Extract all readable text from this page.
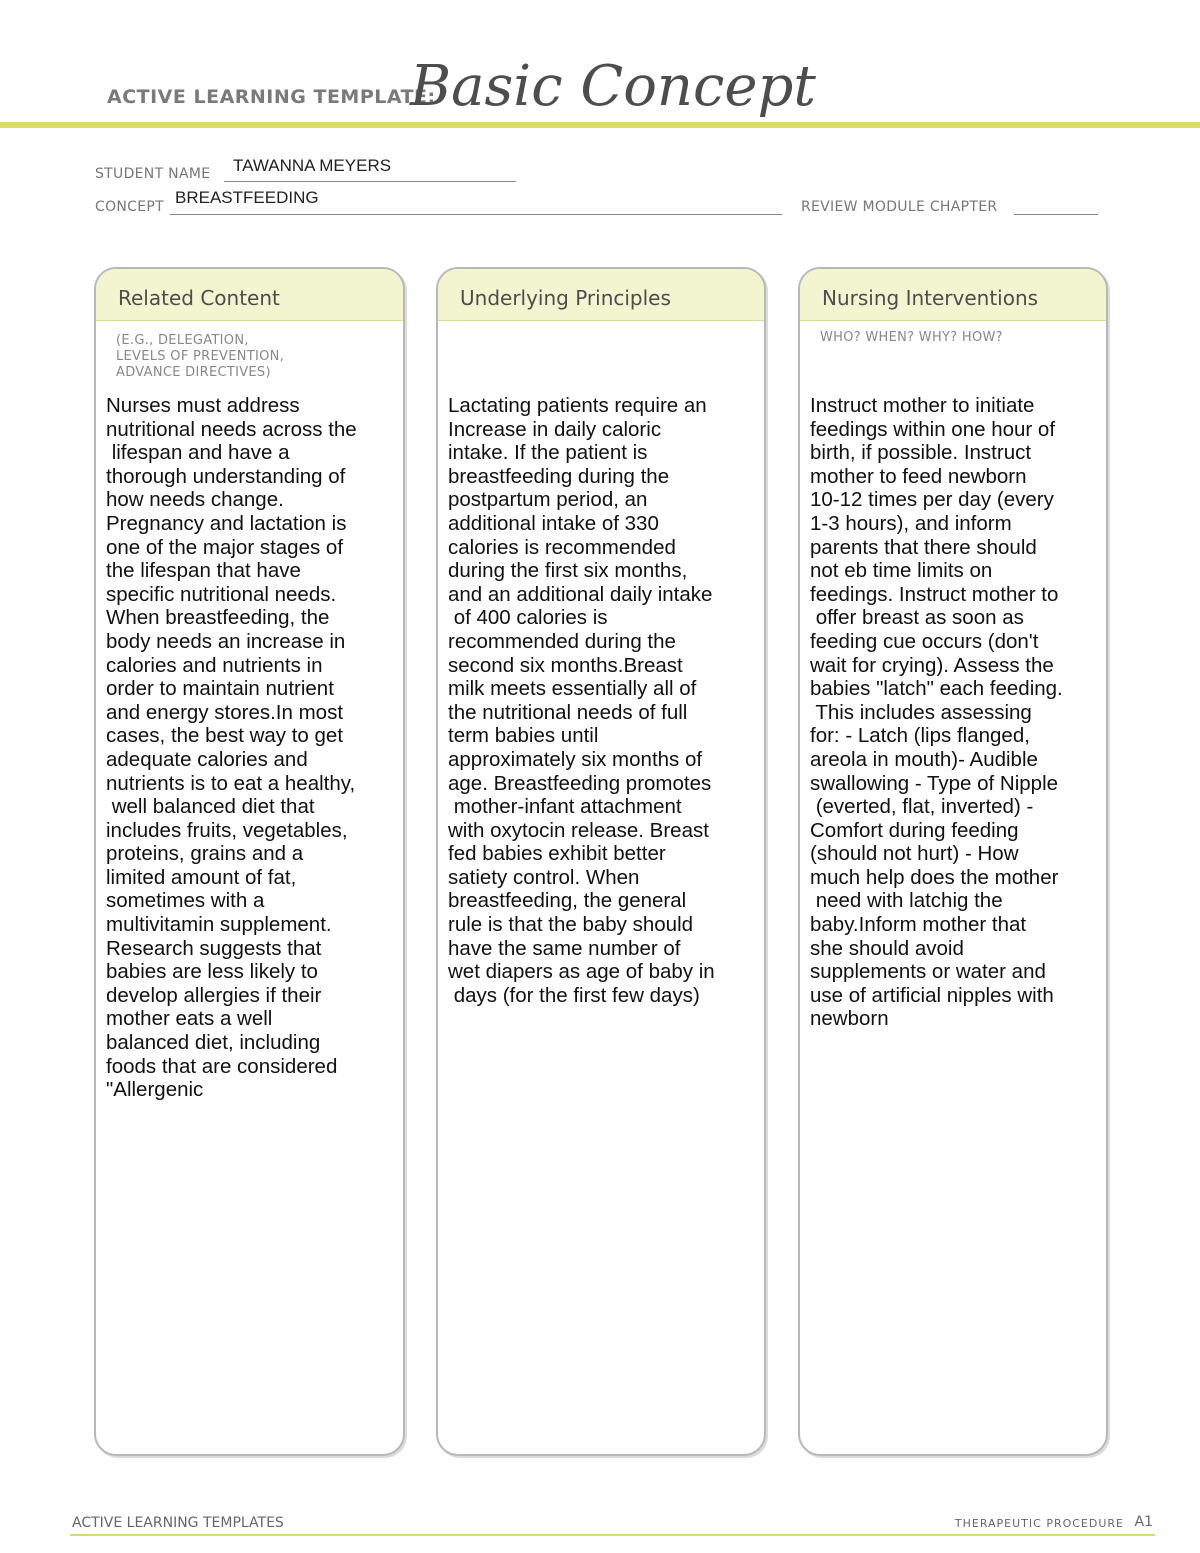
ACTIVE LEARNING TEMPLATE:
Basic Concept
STUDENT NAME TAWANNA MEYERS
CONCEPT BREASTFEEDING	REVIEW MODULE CHAPTER
Related Content
(E.G., DELEGATION,
LEVELS OF PREVENTION,
ADVANCE DIRECTIVES)
Nurses must address
nutritional needs across the
lifespan and have a
thorough understanding of
how needs change.
Pregnancy and lactation is
one of the major stages of
the lifespan that have
specific nutritional needs.
When breastfeeding, the
body needs an increase in
calories and nutrients in
order to maintain nutrient
and energy stores.In most
cases, the best way to get
adequate calories and
nutrients is to eat a healthy,
well balanced diet that
includes fruits, vegetables,
proteins, grains and a
limited amount of fat,
sometimes with a
multivitamin supplement.
Research suggests that
babies are less likely to
develop allergies if their
mother eats a well
balanced diet, including
foods that are considered
"Allergenic
Underlying Principles
Lactating patients require an
Increase in daily caloric
intake. If the patient is
breastfeeding during the
postpartum period, an
additional intake of 330
calories is recommended
during the first six months,
and an additional daily intake
of 400 calories is
recommended during the
second six months.Breast
milk meets essentially all of
the nutritional needs of full
term babies until
approximately six months of
age. Breastfeeding promotes
mother-infant attachment
with oxytocin release. Breast
fed babies exhibit better
satiety control. When
breastfeeding, the general
rule is that the baby should
have the same number of
wet diapers as age of baby in
days (for the first few days)
Nursing Interventions
WHO? WHEN? WHY? HOW?
Instruct mother to initiate
feedings within one hour of
birth, if possible. Instruct
mother to feed newborn
10-12 times per day (every
1-3 hours), and inform
parents that there should
not eb time limits on
feedings. Instruct mother to
offer breast as soon as
feeding cue occurs (don't
wait for crying). Assess the
babies "latch" each feeding.
This includes assessing
for: - Latch (lips flanged,
areola in mouth)- Audible
swallowing - Type of Nipple
(everted, flat, inverted) -
Comfort during feeding
(should not hurt) - How
much help does the mother
need with latchig the
baby.Inform mother that
she should avoid
supplements or water and
use of artificial nipples with
newborn
ACTIVE LEARNING TEMPLATES	THERAPEUTIC PROCEDURE A1
